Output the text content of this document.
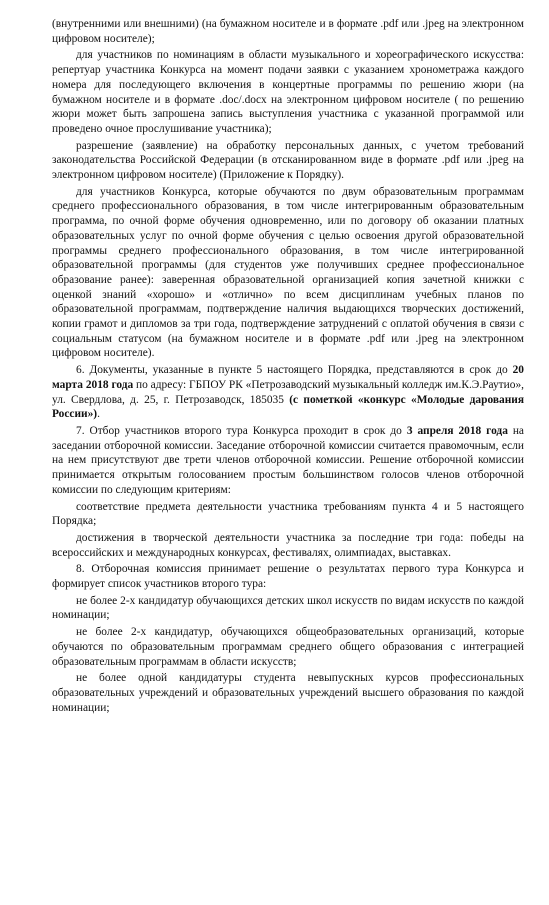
(внутренними или внешними) (на бумажном носителе и в формате .pdf или .jpeg на электронном цифровом носителе);

для участников по номинациям в области музыкального и хореографического искусства: репертуар участника Конкурса на момент подачи заявки с указанием хронометража каждого номера для последующего включения в концертные программы по решению жюри (на бумажном носителе и в формате .doc/.docx на электронном цифровом носителе ( по решению жюри может быть запрошена запись выступления участника с указанной программой или проведено очное прослушивание участника);

разрешение (заявление) на обработку персональных данных, с учетом требований законодательства Российской Федерации (в отсканированном виде в формате .pdf или .jpeg на электронном цифровом носителе) (Приложение к Порядку).

для участников Конкурса, которые обучаются по двум образовательным программам среднего профессионального образования, в том числе интегрированным образовательным программа, по очной форме обучения одновременно, или по договору об оказании платных образовательных услуг по очной форме обучения с целью освоения другой образовательной программы среднего профессионального образования, в том числе интегрированной образовательной программы (для студентов уже получивших среднее профессиональное образование ранее): заверенная образовательной организацией копия зачетной книжки с оценкой знаний «хорошо» и «отлично» по всем дисциплинам учебных планов по образовательной программам, подтверждение наличия выдающихся творческих достижений, копии грамот и дипломов за три года, подтверждение затруднений с оплатой обучения в связи с социальным статусом (на бумажном носителе и в формате .pdf или .jpeg на электронном цифровом носителе).

6. Документы, указанные в пункте 5 настоящего Порядка, представляются в срок до 20 марта 2018 года по адресу: ГБПОУ РК «Петрозаводский музыкальный колледж им.К.Э.Раутио», ул. Свердлова, д. 25, г. Петрозаводск, 185035 (с пометкой «конкурс «Молодые дарования России»).

7. Отбор участников второго тура Конкурса проходит в срок до 3 апреля 2018 года на заседании отборочной комиссии. Заседание отборочной комиссии считается правомочным, если на нем присутствуют две трети членов отборочной комиссии. Решение отборочной комиссии принимается открытым голосованием простым большинством голосов членов отборочной комиссии по следующим критериям:

соответствие предмета деятельности участника требованиям пункта 4 и 5 настоящего Порядка;

достижения в творческой деятельности участника за последние три года: победы на всероссийских и международных конкурсах, фестивалях, олимпиадах, выставках.

8. Отборочная комиссия принимает решение о результатах первого тура Конкурса и формирует список участников второго тура:

не более 2-х кандидатур обучающихся детских школ искусств по видам искусств по каждой номинации;

не более 2-х кандидатур, обучающихся общеобразовательных организаций, которые обучаются по образовательным программам среднего общего образования с интеграцией образовательным программам в области искусств;

не более одной кандидатуры студента невыпускных курсов профессиональных образовательных учреждений и образовательных учреждений высшего образования по каждой номинации;
